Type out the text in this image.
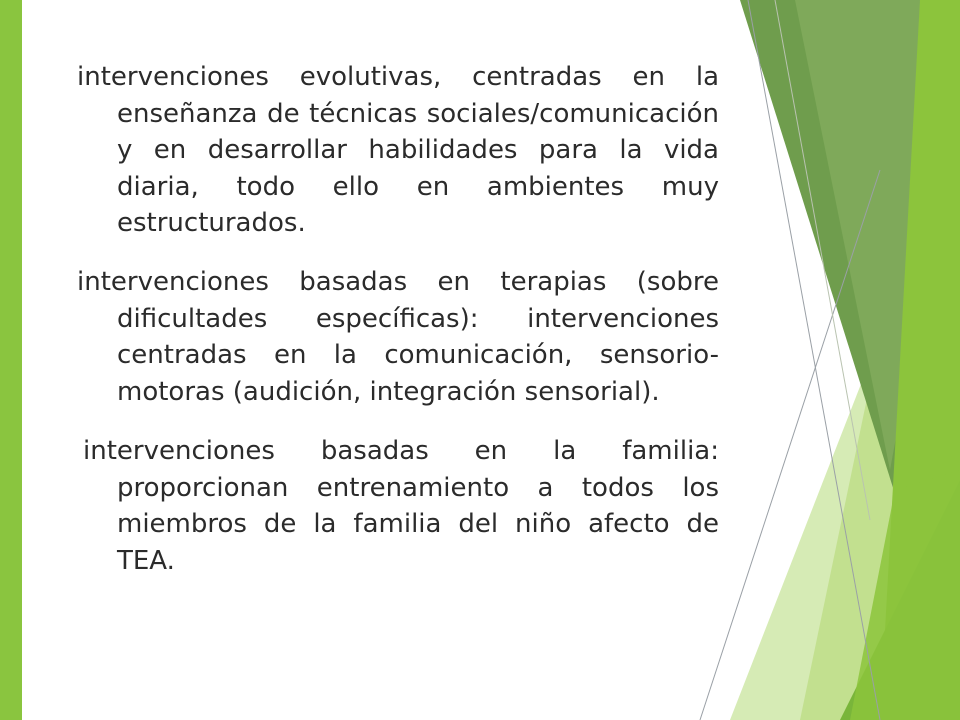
intervenciones evolutivas, centradas en la enseñanza de técnicas sociales/comunicación y en desarrollar habilidades para la vida diaria, todo ello en ambientes muy estructurados.

intervenciones basadas en terapias (sobre dificultades específicas): intervenciones centradas en la comunicación, sensorio-motoras (audición, integración sensorial).

intervenciones basadas en la familia: proporcionan entrenamiento a todos los miembros de la familia del niño afecto de TEA.
